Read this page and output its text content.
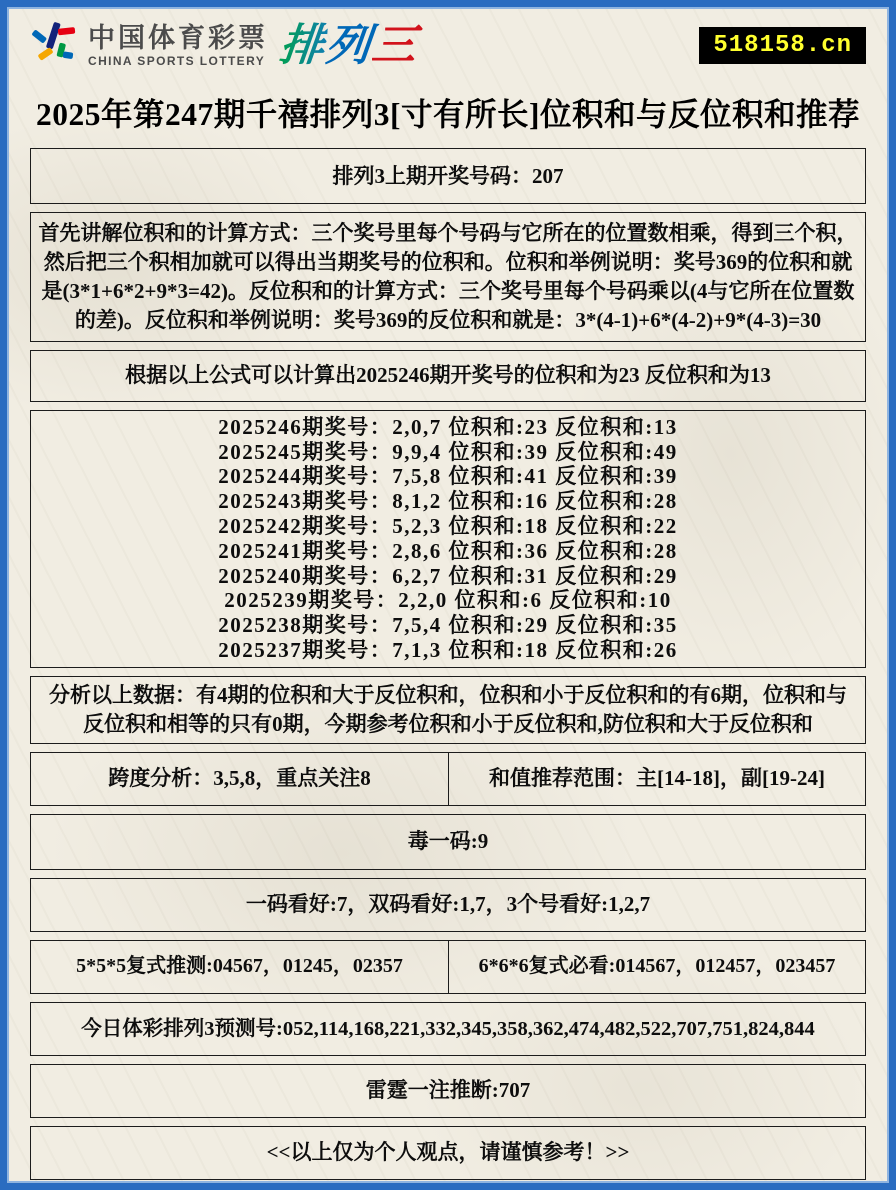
中国体育彩票
CHINA SPORTS LOTTERY 排列三	518158.cn
2025年第247期千禧排列3[寸有所长]位积和与反位积和推荐
排列3上期开奖号码：207
首先讲解位积和的计算方式：三个奖号里每个号码与它所在的位置数相乘，得到三个积，然后把三个积相加就可以得出当期奖号的位积和。位积和举例说明：奖号369的位积和就是(3*1+6*2+9*3=42)。反位积和的计算方式：三个奖号里每个号码乘以(4与它所在位置数的差)。反位积和举例说明：奖号369的反位积和就是：3*(4-1)+6*(4-2)+9*(4-3)=30
根据以上公式可以计算出2025246期开奖号的位积和为23 反位积和为13
2025246期奖号：2,0,7 位积和:23 反位积和:13
2025245期奖号：9,9,4 位积和:39 反位积和:49
2025244期奖号：7,5,8 位积和:41 反位积和:39
2025243期奖号：8,1,2 位积和:16 反位积和:28
2025242期奖号：5,2,3 位积和:18 反位积和:22
2025241期奖号：2,8,6 位积和:36 反位积和:28
2025240期奖号：6,2,7 位积和:31 反位积和:29
2025239期奖号：2,2,0 位积和:6 反位积和:10
2025238期奖号：7,5,4 位积和:29 反位积和:35
2025237期奖号：7,1,3 位积和:18 反位积和:26
分析以上数据：有4期的位积和大于反位积和，位积和小于反位积和的有6期，位积和与反位积和相等的只有0期，今期参考位积和小于反位积和,防位积和大于反位积和
跨度分析：3,5,8，重点关注8	和值推荐范围：主[14-18]，副[19-24]
毒一码:9
一码看好:7，双码看好:1,7，3个号看好:1,2,7
5*5*5复式推测:04567，01245，02357	6*6*6复式必看:014567，012457，023457
今日体彩排列3预测号:052,114,168,221,332,345,358,362,474,482,522,707,751,824,844
雷霆一注推断:707
<<以上仅为个人观点，请谨慎参考！>>
